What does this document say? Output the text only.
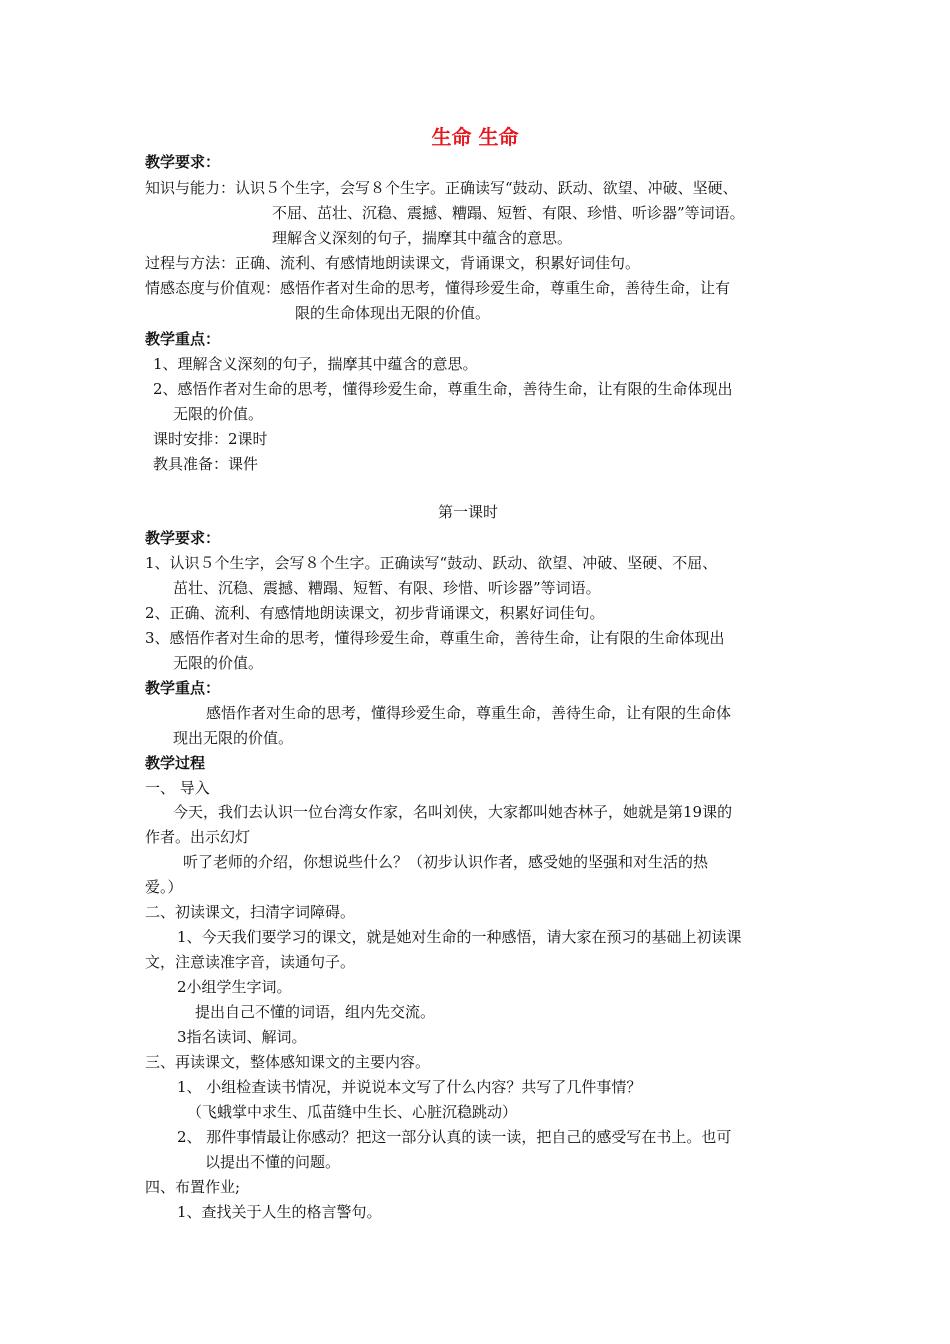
生命 生命
教学要求：
知识与能力：认识５个生字，会写８个生字。正确读写“鼓动、跃动、欲望、冲破、坚硬、
不屈、茁壮、沉稳、震撼、糟蹋、短暂、有限、珍惜、听诊器”等词语。
理解含义深刻的句子，揣摩其中蕴含的意思。
过程与方法：正确、流利、有感情地朗读课文，背诵课文，积累好词佳句。
情感态度与价值观：感悟作者对生命的思考，懂得珍爱生命，尊重生命，善待生命，让有
限的生命体现出无限的价值。
教学重点：
1、理解含义深刻的句子，揣摩其中蕴含的意思。
2、感悟作者对生命的思考，懂得珍爱生命，尊重生命，善待生命，让有限的生命体现出
无限的价值。
课时安排：2课时
教具准备：课件
第一课时
教学要求：
1、认识５个生字，会写８个生字。正确读写“鼓动、跃动、欲望、冲破、坚硬、不屈、
茁壮、沉稳、震撼、糟蹋、短暂、有限、珍惜、听诊器”等词语。
2、正确、流利、有感情地朗读课文，初步背诵课文，积累好词佳句。
3、感悟作者对生命的思考，懂得珍爱生命，尊重生命，善待生命，让有限的生命体现出
无限的价值。
教学重点：
感悟作者对生命的思考，懂得珍爱生命，尊重生命，善待生命，让有限的生命体
现出无限的价值。
教学过程
一、 导入
今天，我们去认识一位台湾女作家，名叫刘侠，大家都叫她杏林子，她就是第19课的
作者。出示幻灯
听了老师的介绍，你想说些什么？（初步认识作者，感受她的坚强和对生活的热
爱。）
二、初读课文，扫清字词障碍。
1、今天我们要学习的课文，就是她对生命的一种感悟，请大家在预习的基础上初读课
文，注意读准字音，读通句子。
2小组学生字词。
提出自己不懂的词语，组内先交流。
3指名读词、解词。
三、再读课文，整体感知课文的主要内容。
1、 小组检查读书情况，并说说本文写了什么内容？共写了几件事情？
（飞蛾掌中求生、瓜苗缝中生长、心脏沉稳跳动）
2、 那件事情最让你感动？把这一部分认真的读一读，把自己的感受写在书上。也可
以提出不懂的问题。
四、布置作业;
1、查找关于人生的格言警句。
